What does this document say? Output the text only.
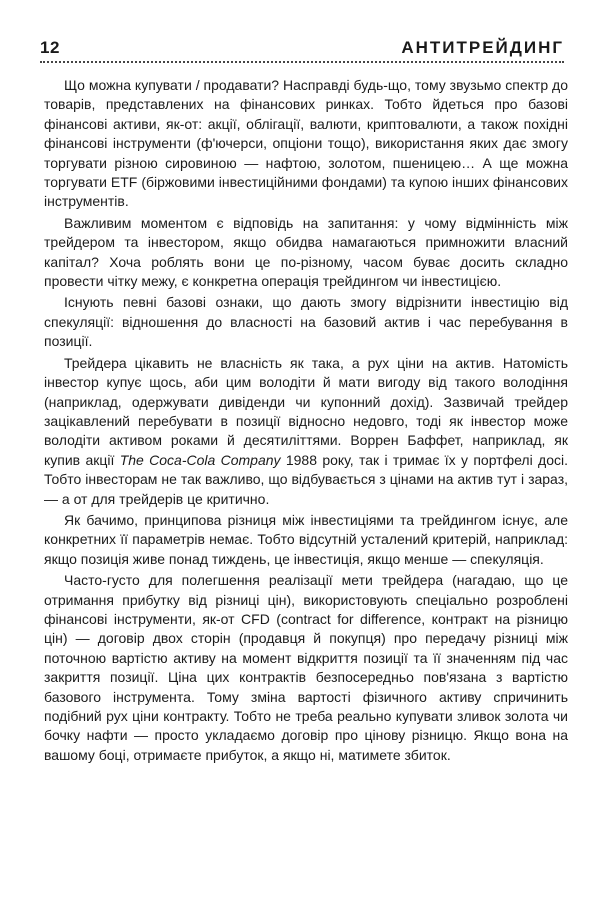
12	АНТИТРЕЙДИНГ

Що можна купувати / продавати? Насправді будь-що, тому звузьмо спектр до товарів, представлених на фінансових ринках. Тобто йдеться про базові фінансові активи, як-от: акції, облігації, валюти, криптовалюти, а також похідні фінансові інструменти (ф'ючерси, опціони тощо), використання яких дає змогу торгувати різною сировиною — нафтою, золотом, пшеницею… А ще можна торгувати ETF (біржовими інвестиційними фондами) та купою інших фінансових інструментів.

Важливим моментом є відповідь на запитання: у чому відмінність між трейдером та інвестором, якщо обидва намагаються примножити власний капітал? Хоча роблять вони це по-різному, часом буває досить складно провести чітку межу, є конкретна операція трейдингом чи інвестицією.

Існують певні базові ознаки, що дають змогу відрізнити інвестицію від спекуляції: відношення до власності на базовий актив і час перебування в позиції.

Трейдера цікавить не власність як така, а рух ціни на актив. Натомість інвестор купує щось, аби цим володіти й мати вигоду від такого володіння (наприклад, одержувати дивіденди чи купонний дохід). Зазвичай трейдер зацікавлений перебувати в позиції відносно недовго, тоді як інвестор може володіти активом роками й десятиліттями. Воррен Баффет, наприклад, як купив акції The Coca-Cola Company 1988 року, так і тримає їх у портфелі досі. Тобто інвесторам не так важливо, що відбувається з цінами на актив тут і зараз, — а от для трейдерів це критично.

Як бачимо, принципова різниця між інвестиціями та трейдингом існує, але конкретних її параметрів немає. Тобто відсутній усталений критерій, наприклад: якщо позиція живе понад тиждень, це інвестиція, якщо менше — спекуляція.

Часто-густо для полегшення реалізації мети трейдера (нагадаю, що це отримання прибутку від різниці цін), використовують спеціально розроблені фінансові інструменти, як-от CFD (contract for difference, контракт на різницю цін) — договір двох сторін (продавця й покупця) про передачу різниці між поточною вартістю активу на момент відкриття позиції та її значенням під час закриття позиції. Ціна цих контрактів безпосередньо пов'язана з вартістю базового інструмента. Тому зміна вартості фізичного активу спричинить подібний рух ціни контракту. Тобто не треба реально купувати зливок золота чи бочку нафти — просто укладаємо договір про цінову різницю. Якщо вона на вашому боці, отримаєте прибуток, а якщо ні, матимете збиток.
